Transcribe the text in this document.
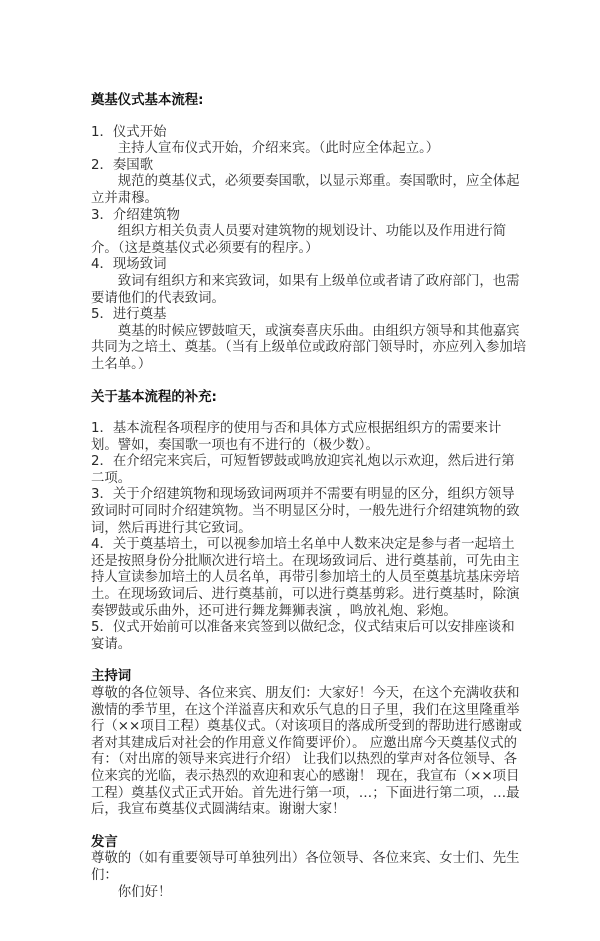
奠基仪式基本流程:
1．仪式开始
主持人宣布仪式开始，介绍来宾。（此时应全体起立。）
2．奏国歌
规范的奠基仪式，必须要奏国歌，以显示郑重。奏国歌时，应全体起立并肃穆。
3．介绍建筑物
组织方相关负责人员要对建筑物的规划设计、功能以及作用进行简介。（这是奠基仪式必须要有的程序。）
4．现场致词
致词有组织方和来宾致词，如果有上级单位或者请了政府部门，也需要请他们的代表致词。
5．进行奠基
奠基的时候应锣鼓喧天，或演奏喜庆乐曲。由组织方领导和其他嘉宾共同为之培土、奠基。（当有上级单位或政府部门领导时，亦应列入参加培土名单。）
关于基本流程的补充:
1．基本流程各项程序的使用与否和具体方式应根据组织方的需要来计划。譬如，奏国歌一项也有不进行的（极少数）。
2．在介绍完来宾后，可短暂锣鼓或鸣放迎宾礼炮以示欢迎，然后进行第二项。
3．关于介绍建筑物和现场致词两项并不需要有明显的区分，组织方领导致词时可同时介绍建筑物。当不明显区分时，一般先进行介绍建筑物的致词，然后再进行其它致词。
4．关于奠基培土，可以视参加培土名单中人数来决定是参与者一起培土还是按照身份分批顺次进行培土。在现场致词后、进行奠基前，可先由主持人宣读参加培土的人员名单，再带引参加培土的人员至奠基坑基床旁培土。在现场致词后、进行奠基前，可以进行奠基剪彩。进行奠基时，除演奏锣鼓或乐曲外，还可进行舞龙舞狮表演 ，鸣放礼炮、彩炮。
5．仪式开始前可以准备来宾签到以做纪念，仪式结束后可以安排座谈和宴请。
主持词
尊敬的各位领导、各位来宾、朋友们：大家好！今天，在这个充满收获和激情的季节里，在这个洋溢喜庆和欢乐气息的日子里，我们在这里隆重举行（××项目工程）奠基仪式。（对该项目的落成所受到的帮助进行感谢或者对其建成后对社会的作用意义作简要评价）。 应邀出席今天奠基仪式的有：（对出席的领导来宾进行介绍） 让我们以热烈的掌声对各位领导、各位来宾的光临，表示热烈的欢迎和衷心的感谢！ 现在，我宣布（××项目工程）奠基仪式正式开始。首先进行第一项，…；下面进行第二项，…最后，我宣布奠基仪式圆满结束。谢谢大家！
发言
尊敬的（如有重要领导可单独列出）各位领导、各位来宾、女士们、先生们：
你们好！
